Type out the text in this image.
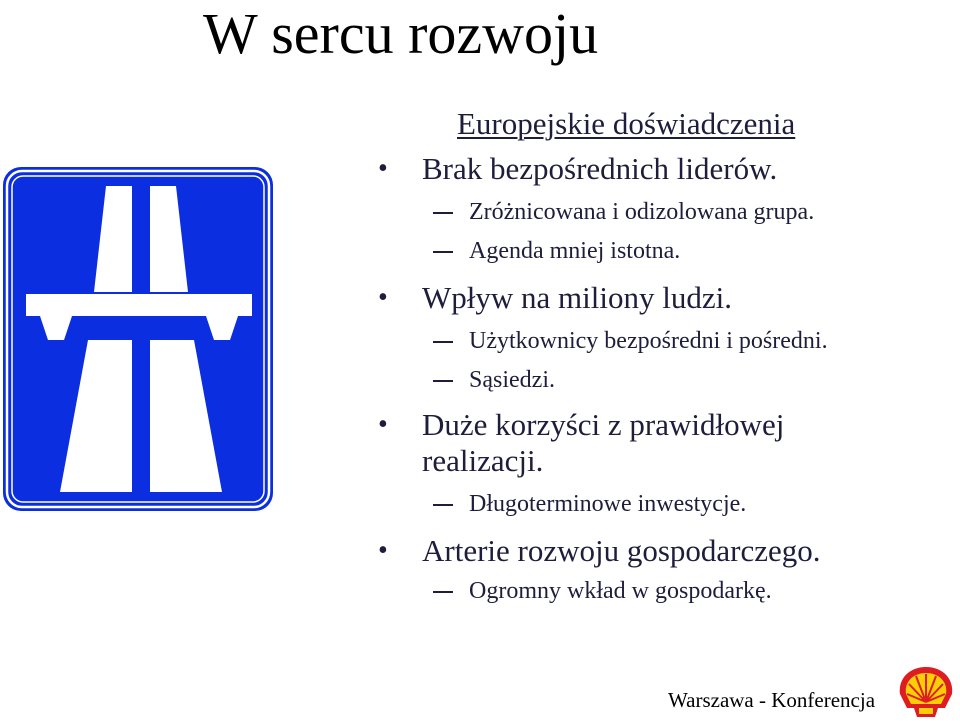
W sercu rozwoju
Europejskie doświadczenia
• Brak bezpośrednich liderów.
Zróżnicowana i odizolowana grupa.
Agenda mniej istotna.
• Wpływ na miliony ludzi.
Użytkownicy bezpośredni i pośredni.
Sąsiedzi.
• Duże korzyści z prawidłowej realizacji.
Długoterminowe inwestycje.
• Arterie rozwoju gospodarczego.
Ogromny wkład w gospodarkę.
Warszawa - Konferencja
